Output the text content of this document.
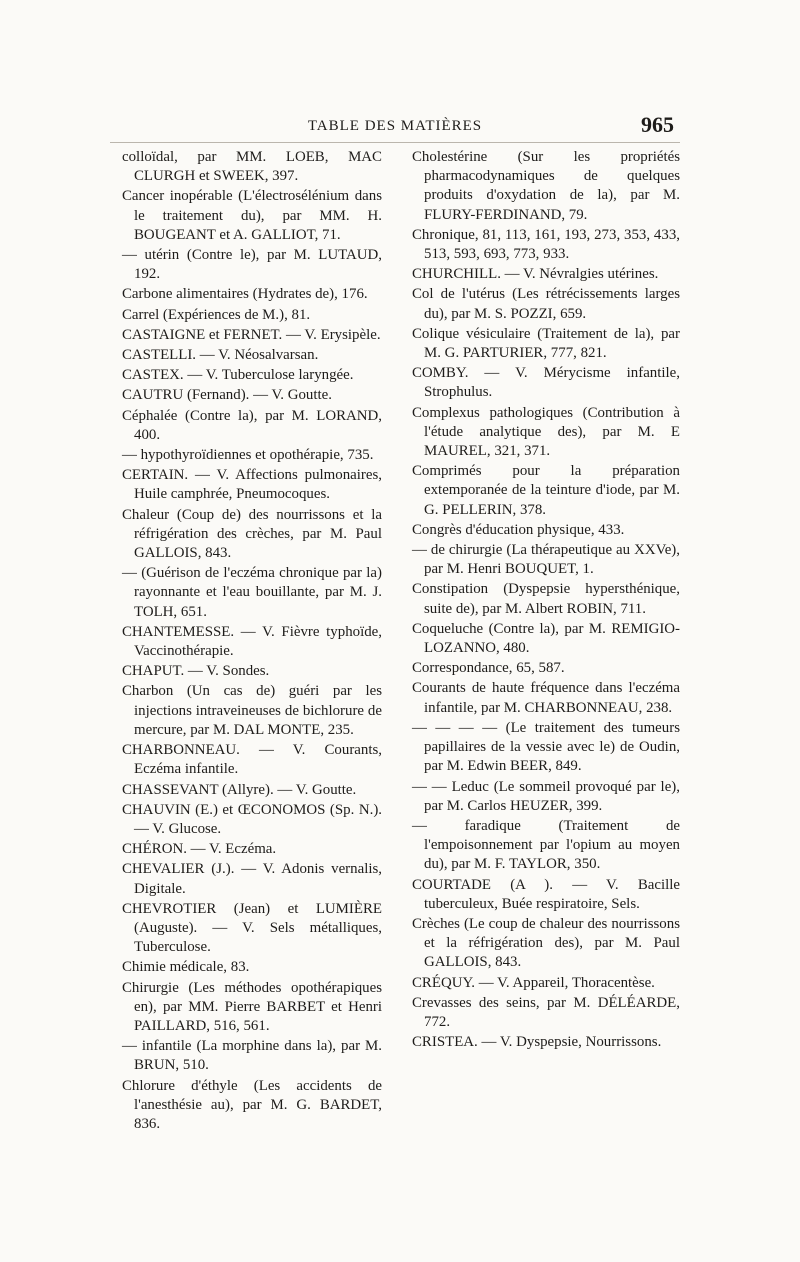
TABLE DES MATIÈRES	965

colloïdal, par MM. LOEB, MAC CLURGH et SWEEK, 397.

Cancer inopérable (L'électrosélénium dans le traitement du), par MM. H. BOUGEANT et A. GALLIOT, 71.

— utérin (Contre le), par M. LUTAUD, 192.

Carbone alimentaires (Hydrates de), 176.

Carrel (Expériences de M.), 81.

CASTAIGNE et FERNET. — V. Erysipèle.

CASTELLI. — V. Néosalvarsan.

CASTEX. — V. Tuberculose laryngée.

CAUTRU (Fernand). — V. Goutte.

Céphalée (Contre la), par M. LORAND, 400.

— hypothyroïdiennes et opothérapie, 735.

CERTAIN. — V. Affections pulmonaires, Huile camphrée, Pneumocoques.

Chaleur (Coup de) des nourrissons et la réfrigération des crèches, par M. Paul GALLOIS, 843.

— (Guérison de l'eczéma chronique par la) rayonnante et l'eau bouillante, par M. J. TOLH, 651.

CHANTEMESSE. — V. Fièvre typhoïde, Vaccinothérapie.

CHAPUT. — V. Sondes.

Charbon (Un cas de) guéri par les injections intraveineuses de bichlorure de mercure, par M. DAL MONTE, 235.

CHARBONNEAU. — V. Courants, Eczéma infantile.

CHASSEVANT (Allyre). — V. Goutte.

CHAUVIN (E.) et ŒCONOMOS (Sp. N.). — V. Glucose.

CHÉRON. — V. Eczéma.

CHEVALIER (J.). — V. Adonis vernalis, Digitale.

CHEVROTIER (Jean) et LUMIÈRE (Auguste). — V. Sels métalliques, Tuberculose.

Chimie médicale, 83.

Chirurgie (Les méthodes opothérapiques en), par MM. Pierre BARBET et Henri PAILLARD, 516, 561.

— infantile (La morphine dans la), par M. BRUN, 510.

Chlorure d'éthyle (Les accidents de l'anesthésie au), par M. G. BARDET, 836.

Cholestérine (Sur les propriétés pharmacodynamiques de quelques produits d'oxydation de la), par M. FLURY-FERDINAND, 79.

Chronique, 81, 113, 161, 193, 273, 353, 433, 513, 593, 693, 773, 933.

CHURCHILL. — V. Névralgies utérines.

Col de l'utérus (Les rétrécissements larges du), par M. S. POZZI, 659.

Colique vésiculaire (Traitement de la), par M. G. PARTURIER, 777, 821.

COMBY. — V. Mérycisme infantile, Strophulus.

Complexus pathologiques (Contribution à l'étude analytique des), par M. E MAUREL, 321, 371.

Comprimés pour la préparation extemporanée de la teinture d'iode, par M. G. PELLERIN, 378.

Congrès d'éducation physique, 433.

— de chirurgie (La thérapeutique au XXVe), par M. Henri BOUQUET, 1.

Constipation (Dyspepsie hypersthénique, suite de), par M. Albert ROBIN, 711.

Coqueluche (Contre la), par M. REMIGIO-LOZANNO, 480.

Correspondance, 65, 587.

Courants de haute fréquence dans l'eczéma infantile, par M. CHARBONNEAU, 238.

— — — — (Le traitement des tumeurs papillaires de la vessie avec le) de Oudin, par M. Edwin BEER, 849.

— — Leduc (Le sommeil provoqué par le), par M. Carlos HEUZER, 399.

— faradique (Traitement de l'empoisonnement par l'opium au moyen du), par M. F. TAYLOR, 350.

COURTADE (A ). — V. Bacille tuberculeux, Buée respiratoire, Sels.

Crèches (Le coup de chaleur des nourrissons et la réfrigération des), par M. Paul GALLOIS, 843.

CRÉQUY. — V. Appareil, Thoracentèse.

Crevasses des seins, par M. DÉLÉARDE, 772.

CRISTEA. — V. Dyspepsie, Nourrissons.
